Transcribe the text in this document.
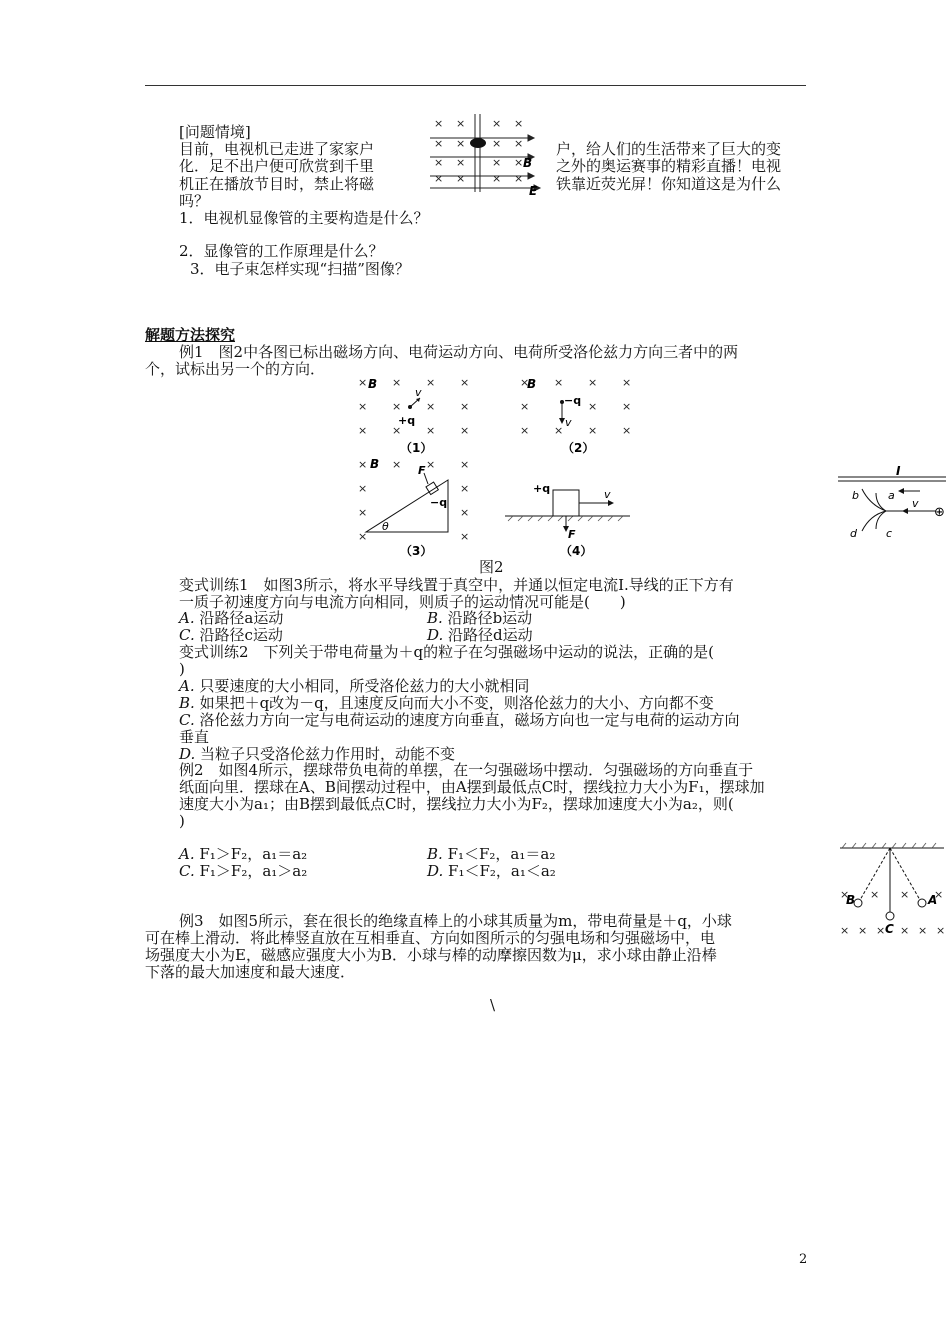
[问题情境]
目前，电视机已走进了家家户	户，给人们的生活带来了巨大的变
化．足不出户便可欣赏到千里	之外的奥运赛事的精彩直播！电视
机正在播放节目时，禁止将磁	铁靠近荧光屏！你知道这是为什么
吗？
1．电视机显像管的主要构造是什么？
2．显像管的工作原理是什么？
3．电子束怎样实现“扫描”图像？
× × × ×
× × × ×
× × × ×
× × × ×
B
E
解题方法探究
例1　图2中各图已标出磁场方向、电荷运动方向、电荷所受洛伦兹力方向三者中的两
个，试标出另一个的方向．
× × × ×
× × × ×
× × × ×
× × × ×
×	× ×
× × × ×
× × × ×
×	×
×	×
×	×
B
v
+q
（1）
B
−q
v
（2）
B	F
−q
θ
（3）
+q	v
F
（4）
图2
变式训练1　如图3所示，将水平导线置于真空中，并通以恒定电流I.导线的正下方有
一质子初速度方向与电流方向相同，则质子的运动情况可能是(　　)
A. 沿路径a运动	B. 沿路径b运动
C. 沿路径c运动	D. 沿路径d运动
I
b	a
d	c
v
⊕
变式训练2　下列关于带电荷量为＋q的粒子在匀强磁场中运动的说法，正确的是(
)
A. 只要速度的大小相同，所受洛伦兹力的大小就相同
B. 如果把＋q改为－q，且速度反向而大小不变，则洛伦兹力的大小、方向都不变
C. 洛伦兹力方向一定与电荷运动的速度方向垂直，磁场方向也一定与电荷的运动方向
垂直
D. 当粒子只受洛伦兹力作用时，动能不变
例2　如图4所示，摆球带负电荷的单摆，在一匀强磁场中摆动．匀强磁场的方向垂直于
纸面向里．摆球在A、B间摆动过程中，由A摆到最低点C时，摆线拉力大小为F₁，摆球加
速度大小为a₁；由B摆到最低点C时，摆线拉力大小为F₂，摆球加速度大小为a₂，则(
)
A. F₁＞F₂，a₁＝a₂	B. F₁＜F₂，a₁＝a₂
C. F₁＞F₂，a₁＞a₂	D. F₁＜F₂，a₁＜a₂
× × × ×
× × × × × ×
B	A
C
例3　如图5所示，套在很长的绝缘直棒上的小球其质量为m，带电荷量是＋q，小球
可在棒上滑动．将此棒竖直放在互相垂直、方向如图所示的匀强电场和匀强磁场中，电
场强度大小为E，磁感应强度大小为B．小球与棒的动摩擦因数为μ，求小球由静止沿棒
下落的最大加速度和最大速度．
\
2
